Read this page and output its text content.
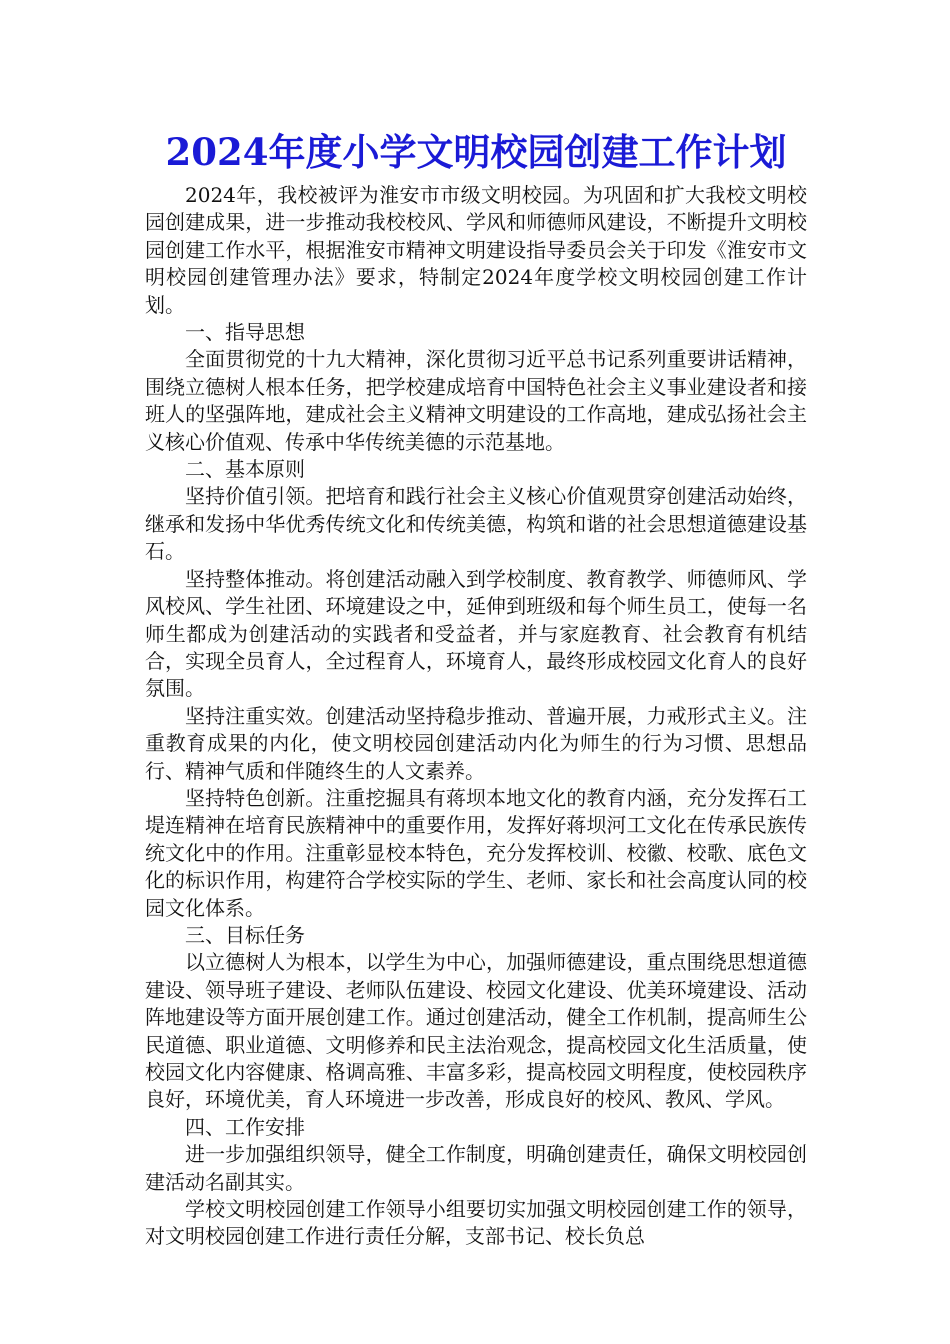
2024年度小学文明校园创建工作计划

2024年，我校被评为淮安市市级文明校园。为巩固和扩大我校文明校园创建成果，进一步推动我校校风、学风和师德师风建设，不断提升文明校园创建工作水平，根据淮安市精神文明建设指导委员会关于印发《淮安市文明校园创建管理办法》要求，特制定2024年度学校文明校园创建工作计划。

一、指导思想

全面贯彻党的十九大精神，深化贯彻习近平总书记系列重要讲话精神，围绕立德树人根本任务，把学校建成培育中国特色社会主义事业建设者和接班人的坚强阵地，建成社会主义精神文明建设的工作高地，建成弘扬社会主义核心价值观、传承中华传统美德的示范基地。

二、基本原则

坚持价值引领。把培育和践行社会主义核心价值观贯穿创建活动始终，继承和发扬中华优秀传统文化和传统美德，构筑和谐的社会思想道德建设基石。

坚持整体推动。将创建活动融入到学校制度、教育教学、师德师风、学风校风、学生社团、环境建设之中，延伸到班级和每个师生员工，使每一名师生都成为创建活动的实践者和受益者，并与家庭教育、社会教育有机结合，实现全员育人，全过程育人，环境育人，最终形成校园文化育人的良好氛围。

坚持注重实效。创建活动坚持稳步推动、普遍开展，力戒形式主义。注重教育成果的内化，使文明校园创建活动内化为师生的行为习惯、思想品行、精神气质和伴随终生的人文素养。

坚持特色创新。注重挖掘具有蒋坝本地文化的教育内涵，充分发挥石工堤连精神在培育民族精神中的重要作用，发挥好蒋坝河工文化在传承民族传统文化中的作用。注重彰显校本特色，充分发挥校训、校徽、校歌、底色文化的标识作用，构建符合学校实际的学生、老师、家长和社会高度认同的校园文化体系。

三、目标任务

以立德树人为根本，以学生为中心，加强师德建设，重点围绕思想道德建设、领导班子建设、老师队伍建设、校园文化建设、优美环境建设、活动阵地建设等方面开展创建工作。通过创建活动，健全工作机制，提高师生公民道德、职业道德、文明修养和民主法治观念，提高校园文化生活质量，使校园文化内容健康、格调高雅、丰富多彩，提高校园文明程度，使校园秩序良好，环境优美，育人环境进一步改善，形成良好的校风、教风、学风。

四、工作安排

进一步加强组织领导，健全工作制度，明确创建责任，确保文明校园创建活动名副其实。

学校文明校园创建工作领导小组要切实加强文明校园创建工作的领导，对文明校园创建工作进行责任分解，支部书记、校长负总
